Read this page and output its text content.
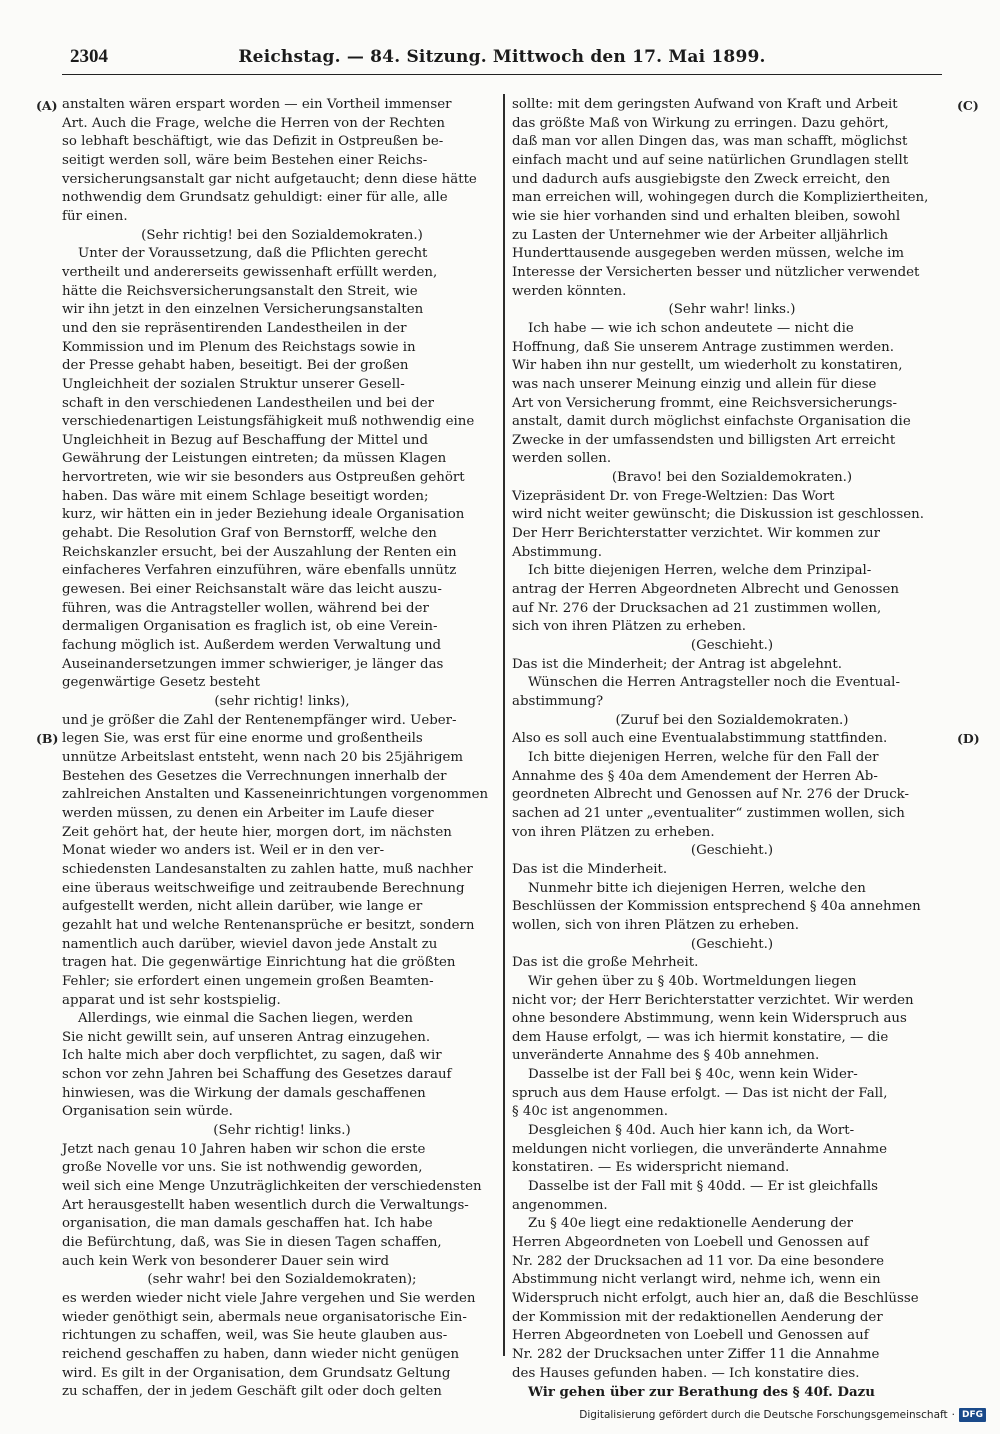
2304	Reichstag. — 84. Sitzung. Mittwoch den 17. Mai 1899.

anstalten wären erspart worden — ein Vortheil immenser

Art. Auch die Frage, welche die Herren von der Rechten

so lebhaft beschäftigt, wie das Defizit in Ostpreußen be-

seitigt werden soll, wäre beim Bestehen einer Reichs-

versicherungsanstalt gar nicht aufgetaucht; denn diese hätte

nothwendig dem Grundsatz gehuldigt: einer für alle, alle

für einen.

(Sehr richtig! bei den Sozialdemokraten.)

Unter der Voraussetzung, daß die Pflichten gerecht

vertheilt und andererseits gewissenhaft erfüllt werden,

hätte die Reichsversicherungsanstalt den Streit, wie

wir ihn jetzt in den einzelnen Versicherungsanstalten

und den sie repräsentirenden Landestheilen in der

Kommission und im Plenum des Reichstags sowie in

der Presse gehabt haben, beseitigt. Bei der großen

Ungleichheit der sozialen Struktur unserer Gesell-

schaft in den verschiedenen Landestheilen und bei der

verschiedenartigen Leistungsfähigkeit muß nothwendig eine

Ungleichheit in Bezug auf Beschaffung der Mittel und

Gewährung der Leistungen eintreten; da müssen Klagen

hervortreten, wie wir sie besonders aus Ostpreußen gehört

haben. Das wäre mit einem Schlage beseitigt worden;

kurz, wir hätten ein in jeder Beziehung ideale Organisation

gehabt. Die Resolution Graf von Bernstorff, welche den

Reichskanzler ersucht, bei der Auszahlung der Renten ein

einfacheres Verfahren einzuführen, wäre ebenfalls unnütz

gewesen. Bei einer Reichsanstalt wäre das leicht auszu-

führen, was die Antragsteller wollen, während bei der

dermaligen Organisation es fraglich ist, ob eine Verein-

fachung möglich ist. Außerdem werden Verwaltung und

Auseinandersetzungen immer schwieriger, je länger das

gegenwärtige Gesetz besteht

(sehr richtig! links),

und je größer die Zahl der Rentenempfänger wird. Ueber-

legen Sie, was erst für eine enorme und großentheils

unnütze Arbeitslast entsteht, wenn nach 20 bis 25jährigem

Bestehen des Gesetzes die Verrechnungen innerhalb der

zahlreichen Anstalten und Kasseneinrichtungen vorgenommen

werden müssen, zu denen ein Arbeiter im Laufe dieser

Zeit gehört hat, der heute hier, morgen dort, im nächsten

Monat wieder wo anders ist. Weil er in den ver-

schiedensten Landesanstalten zu zahlen hatte, muß nachher

eine überaus weitschweifige und zeitraubende Berechnung

aufgestellt werden, nicht allein darüber, wie lange er

gezahlt hat und welche Rentenansprüche er besitzt, sondern

namentlich auch darüber, wieviel davon jede Anstalt zu

tragen hat. Die gegenwärtige Einrichtung hat die größten

Fehler; sie erfordert einen ungemein großen Beamten-

apparat und ist sehr kostspielig.

Allerdings, wie einmal die Sachen liegen, werden

Sie nicht gewillt sein, auf unseren Antrag einzugehen.

Ich halte mich aber doch verpflichtet, zu sagen, daß wir

schon vor zehn Jahren bei Schaffung des Gesetzes darauf

hinwiesen, was die Wirkung der damals geschaffenen

Organisation sein würde.

(Sehr richtig! links.)

Jetzt nach genau 10 Jahren haben wir schon die erste

große Novelle vor uns. Sie ist nothwendig geworden,

weil sich eine Menge Unzuträglichkeiten der verschiedensten

Art herausgestellt haben wesentlich durch die Verwaltungs-

organisation, die man damals geschaffen hat. Ich habe

die Befürchtung, daß, was Sie in diesen Tagen schaffen,

auch kein Werk von besonderer Dauer sein wird

(sehr wahr! bei den Sozialdemokraten);

es werden wieder nicht viele Jahre vergehen und Sie werden

wieder genöthigt sein, abermals neue organisatorische Ein-

richtungen zu schaffen, weil, was Sie heute glauben aus-

reichend geschaffen zu haben, dann wieder nicht genügen

wird. Es gilt in der Organisation, dem Grundsatz Geltung

zu schaffen, der in jedem Geschäft gilt oder doch gelten

sollte: mit dem geringsten Aufwand von Kraft und Arbeit

das größte Maß von Wirkung zu erringen. Dazu gehört,

daß man vor allen Dingen das, was man schafft, möglichst

einfach macht und auf seine natürlichen Grundlagen stellt

und dadurch aufs ausgiebigste den Zweck erreicht, den

man erreichen will, wohingegen durch die Kompliziertheiten,

wie sie hier vorhanden sind und erhalten bleiben, sowohl

zu Lasten der Unternehmer wie der Arbeiter alljährlich

Hunderttausende ausgegeben werden müssen, welche im

Interesse der Versicherten besser und nützlicher verwendet

werden könnten.

(Sehr wahr! links.)

Ich habe — wie ich schon andeutete — nicht die

Hoffnung, daß Sie unserem Antrage zustimmen werden.

Wir haben ihn nur gestellt, um wiederholt zu konstatiren,

was nach unserer Meinung einzig und allein für diese

Art von Versicherung frommt, eine Reichsversicherungs-

anstalt, damit durch möglichst einfachste Organisation die

Zwecke in der umfassendsten und billigsten Art erreicht

werden sollen.

(Bravo! bei den Sozialdemokraten.)

Vizepräsident Dr. von Frege-Weltzien: Das Wort

wird nicht weiter gewünscht; die Diskussion ist geschlossen.

Der Herr Berichterstatter verzichtet. Wir kommen zur

Abstimmung.

Ich bitte diejenigen Herren, welche dem Prinzipal-

antrag der Herren Abgeordneten Albrecht und Genossen

auf Nr. 276 der Drucksachen ad 21 zustimmen wollen,

sich von ihren Plätzen zu erheben.

(Geschieht.)

Das ist die Minderheit; der Antrag ist abgelehnt.

Wünschen die Herren Antragsteller noch die Eventual-

abstimmung?

(Zuruf bei den Sozialdemokraten.)

Also es soll auch eine Eventualabstimmung stattfinden.

Ich bitte diejenigen Herren, welche für den Fall der

Annahme des § 40a dem Amendement der Herren Ab-

geordneten Albrecht und Genossen auf Nr. 276 der Druck-

sachen ad 21 unter „eventualiter“ zustimmen wollen, sich

von ihren Plätzen zu erheben.

(Geschieht.)

Das ist die Minderheit.

Nunmehr bitte ich diejenigen Herren, welche den

Beschlüssen der Kommission entsprechend § 40a annehmen

wollen, sich von ihren Plätzen zu erheben.

(Geschieht.)

Das ist die große Mehrheit.

Wir gehen über zu § 40b. Wortmeldungen liegen

nicht vor; der Herr Berichterstatter verzichtet. Wir werden

ohne besondere Abstimmung, wenn kein Widerspruch aus

dem Hause erfolgt, — was ich hiermit konstatire, — die

unveränderte Annahme des § 40b annehmen.

Dasselbe ist der Fall bei § 40c, wenn kein Wider-

spruch aus dem Hause erfolgt. — Das ist nicht der Fall,

§ 40c ist angenommen.

Desgleichen § 40d. Auch hier kann ich, da Wort-

meldungen nicht vorliegen, die unveränderte Annahme

konstatiren. — Es widerspricht niemand.

Dasselbe ist der Fall mit § 40dd. — Er ist gleichfalls

angenommen.

Zu § 40e liegt eine redaktionelle Aenderung der

Herren Abgeordneten von Loebell und Genossen auf

Nr. 282 der Drucksachen ad 11 vor. Da eine besondere

Abstimmung nicht verlangt wird, nehme ich, wenn ein

Widerspruch nicht erfolgt, auch hier an, daß die Beschlüsse

der Kommission mit der redaktionellen Aenderung der

Herren Abgeordneten von Loebell und Genossen auf

Nr. 282 der Drucksachen unter Ziffer 11 die Annahme

des Hauses gefunden haben. — Ich konstatire dies.

Wir gehen über zur Berathung des § 40f. Dazu

(A)
(B)
(C)
(D)
Digitalisierung gefördert durch die Deutsche Forschungsgemeinschaft · DFG
